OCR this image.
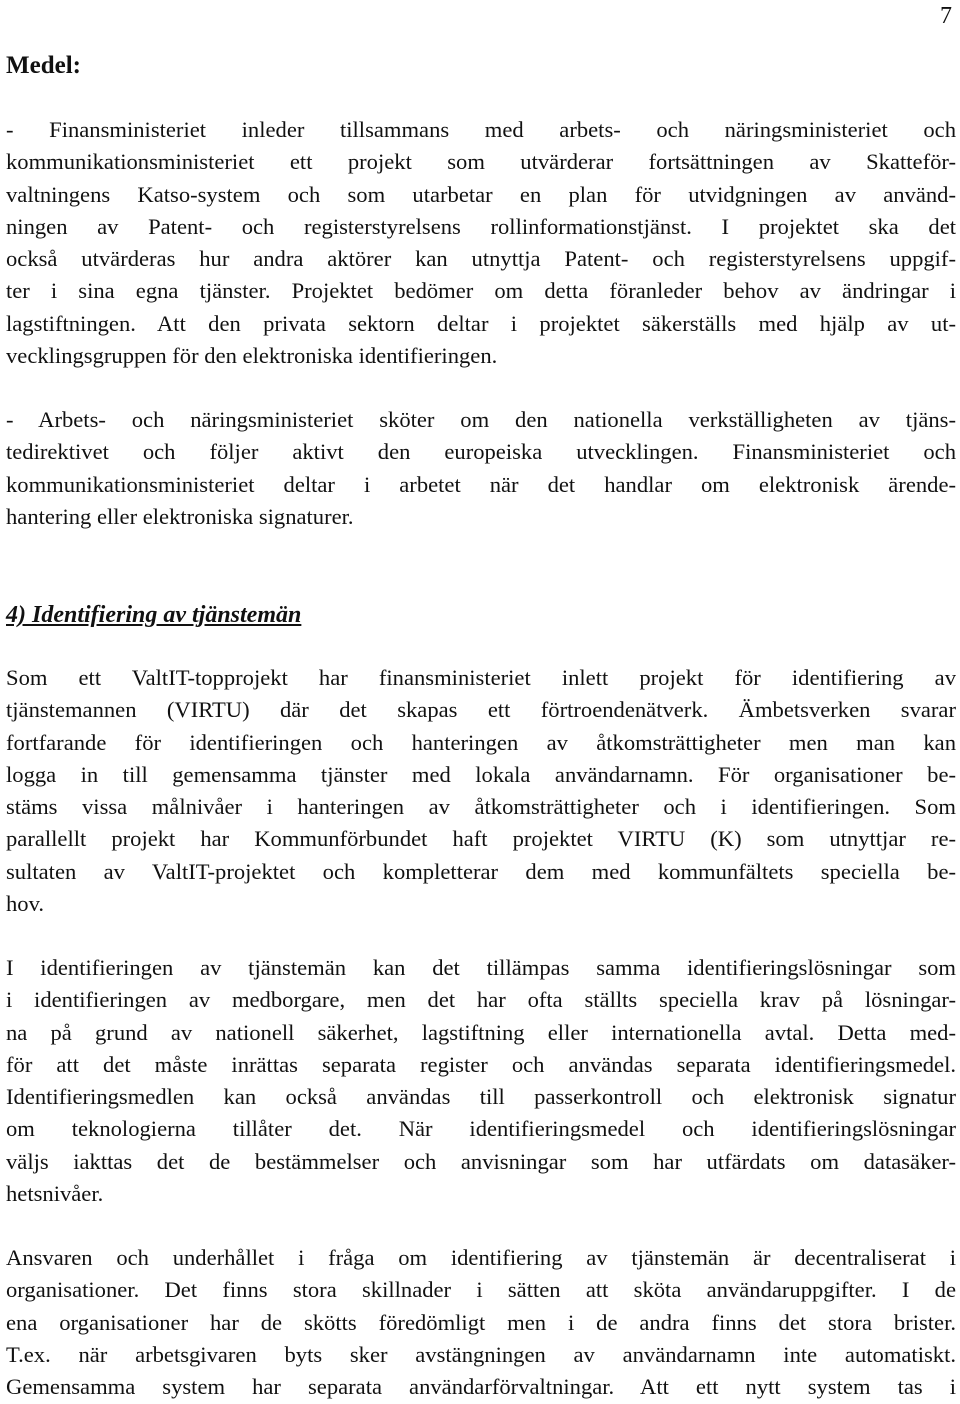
7
Medel:
- Finansministeriet inleder tillsammans med arbets- och näringsministeriet och
kommunikationsministeriet ett projekt som utvärderar fortsättningen av Skatteför-
valtningens Katso-system och som utarbetar en plan för utvidgningen av använd-
ningen av Patent- och registerstyrelsens rollinformationstjänst. I projektet ska det
också utvärderas hur andra aktörer kan utnyttja Patent- och registerstyrelsens uppgif-
ter i sina egna tjänster. Projektet bedömer om detta föranleder behov av ändringar i
lagstiftningen. Att den privata sektorn deltar i projektet säkerställs med hjälp av ut-
vecklingsgruppen för den elektroniska identifieringen.
- Arbets- och näringsministeriet sköter om den nationella verkställigheten av tjäns-
tedirektivet och följer aktivt den europeiska utvecklingen. Finansministeriet och
kommunikationsministeriet deltar i arbetet när det handlar om elektronisk ärende-
hantering eller elektroniska signaturer.
4) Identifiering av tjänstemän
Som ett ValtIT-topprojekt har finansministeriet inlett projekt för identifiering av
tjänstemannen (VIRTU) där det skapas ett förtroendenätverk. Ämbetsverken svarar
fortfarande för identifieringen och hanteringen av åtkomsträttigheter men man kan
logga in till gemensamma tjänster med lokala användarnamn. För organisationer be-
stäms vissa målnivåer i hanteringen av åtkomsträttigheter och i identifieringen. Som
parallellt projekt har Kommunförbundet haft projektet VIRTU (K) som utnyttjar re-
sultaten av ValtIT-projektet och kompletterar dem med kommunfältets speciella be-
hov.
I identifieringen av tjänstemän kan det tillämpas samma identifieringslösningar som
i identifieringen av medborgare, men det har ofta ställts speciella krav på lösningar-
na på grund av nationell säkerhet, lagstiftning eller internationella avtal. Detta med-
för att det måste inrättas separata register och användas separata identifieringsmedel.
Identifieringsmedlen kan också användas till passerkontroll och elektronisk signatur
om teknologierna tillåter det. När identifieringsmedel och identifieringslösningar
väljs iakttas det de bestämmelser och anvisningar som har utfärdats om datasäker-
hetsnivåer.
Ansvaren och underhållet i fråga om identifiering av tjänstemän är decentraliserat i
organisationer. Det finns stora skillnader i sätten att sköta användaruppgifter. I de
ena organisationer har de skötts föredömligt men i de andra finns det stora brister.
T.ex. när arbetsgivaren byts sker avstängningen av användarnamn inte automatiskt.
Gemensamma system har separata användarförvaltningar. Att ett nytt system tas i
